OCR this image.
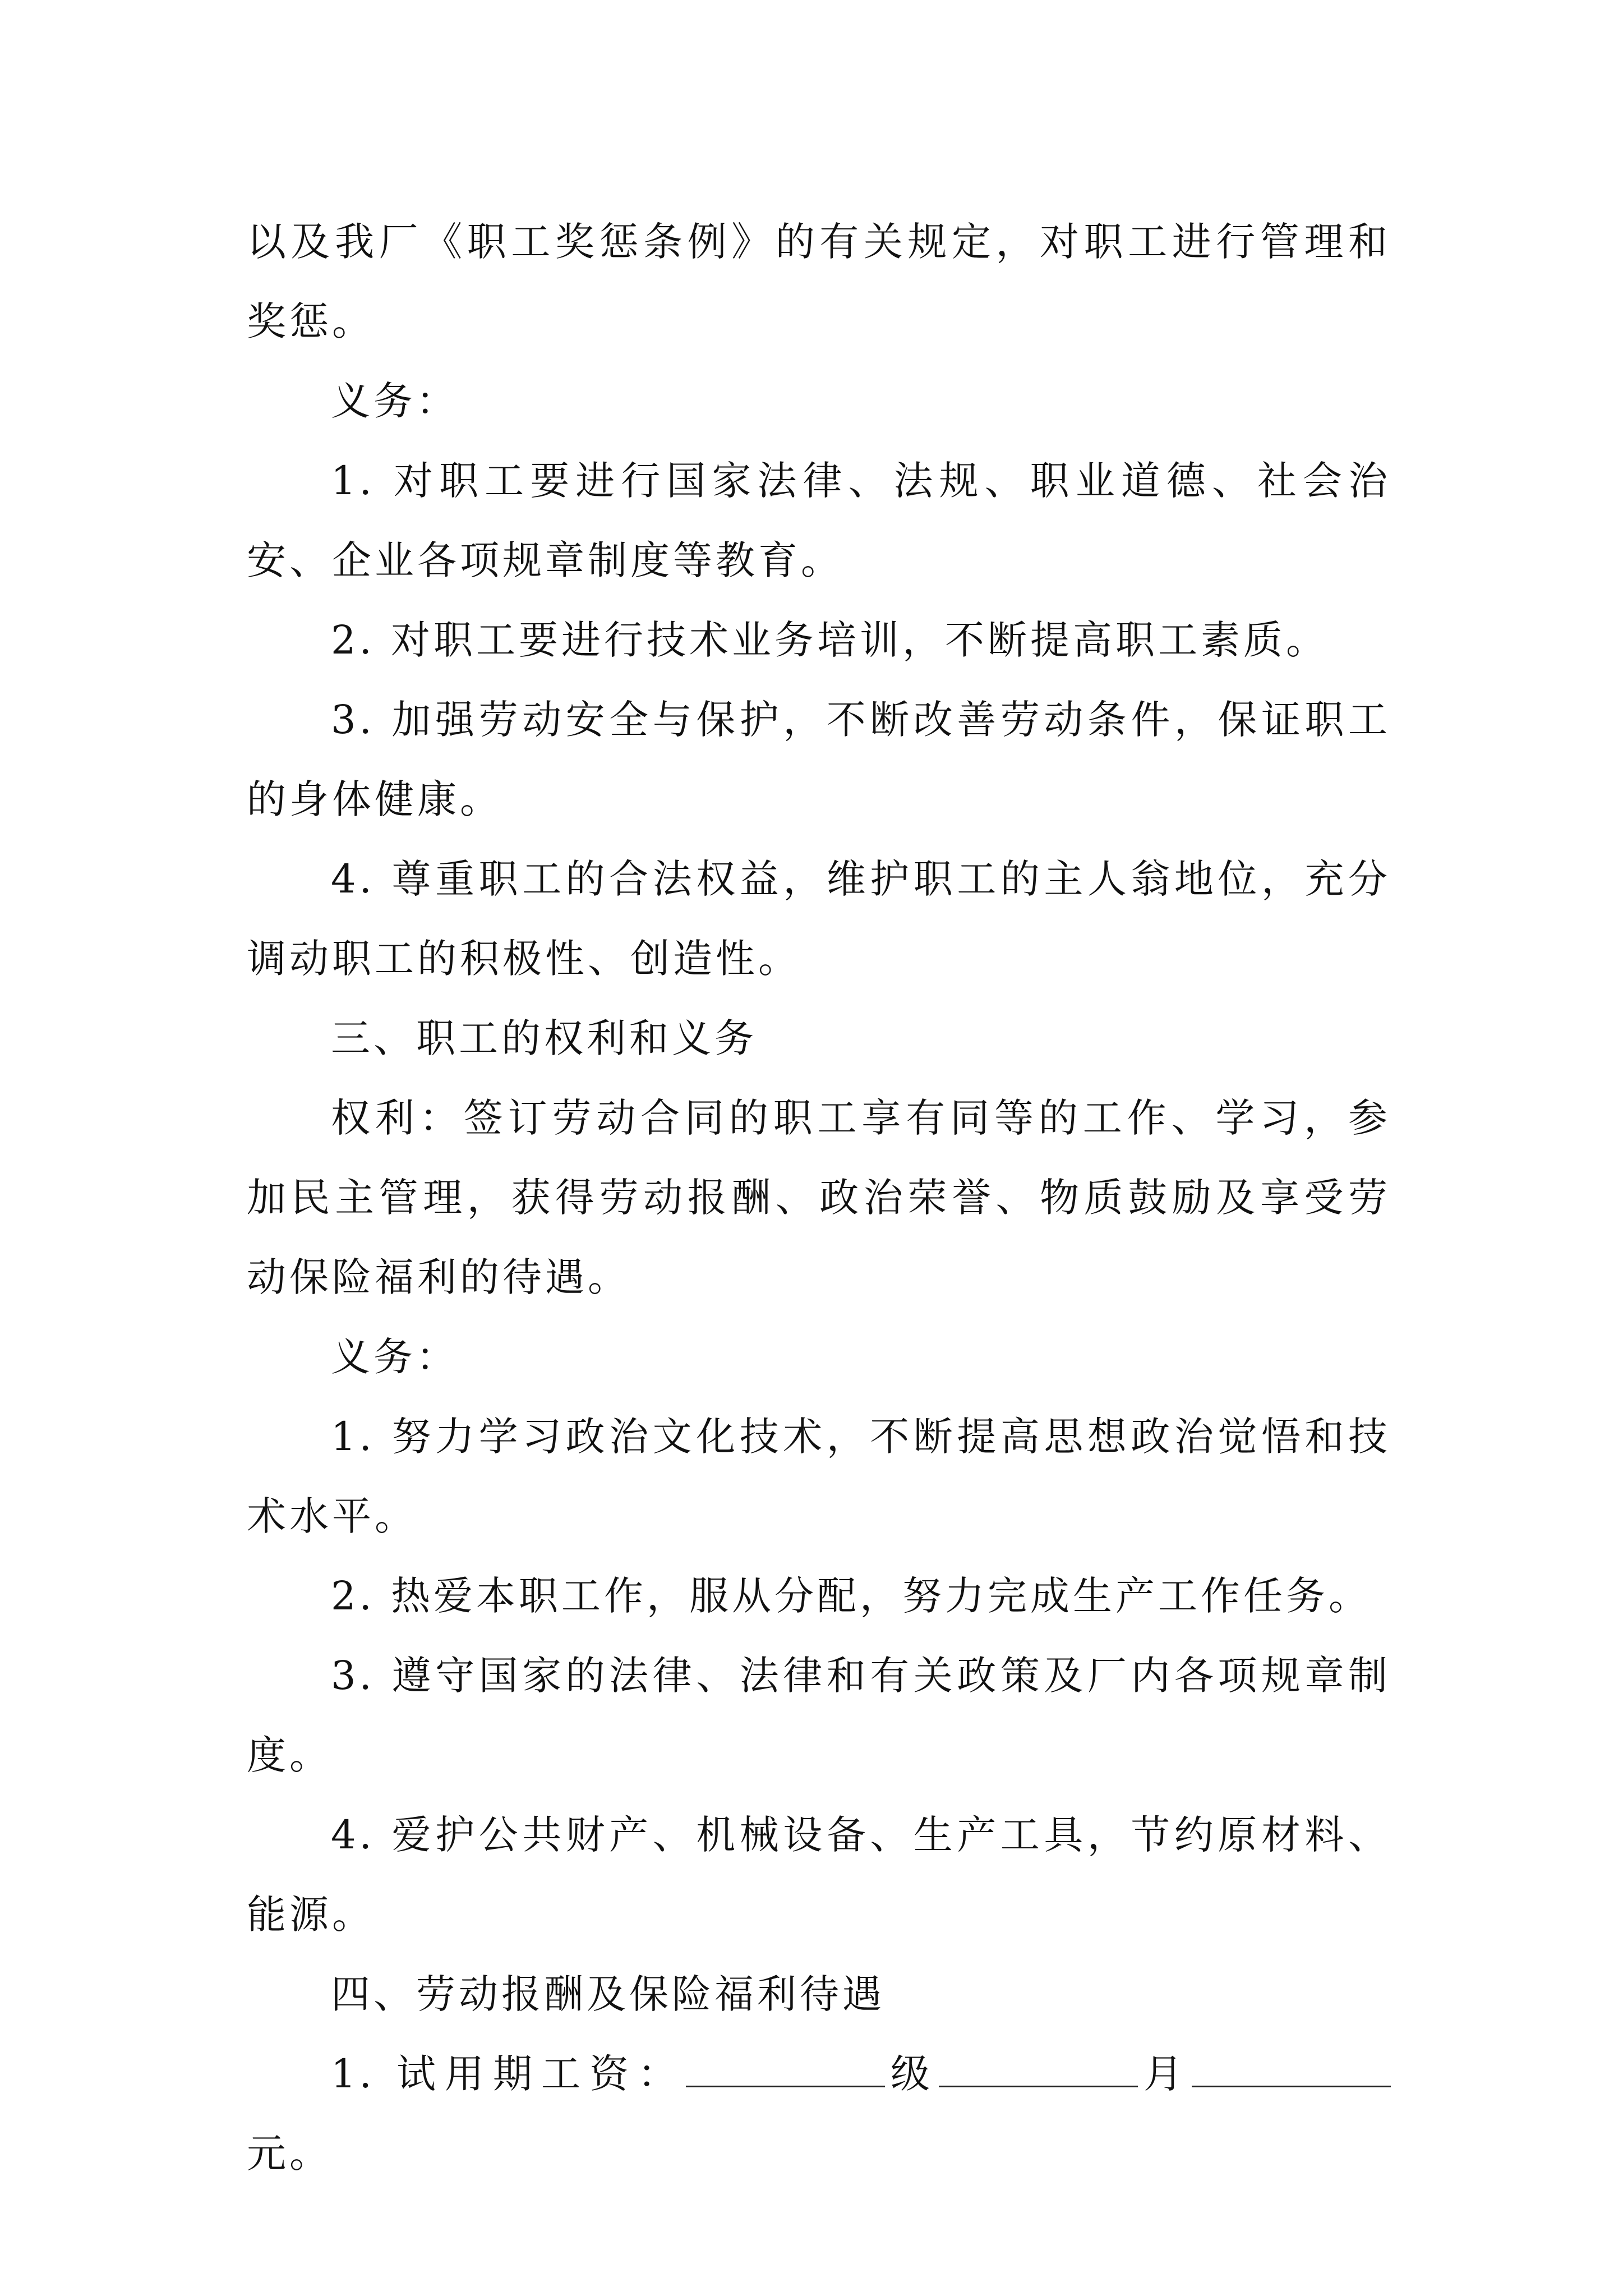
以及我厂《职工奖惩条例》的有关规定，对职工进行管理和奖惩。

义务：

1. 对职工要进行国家法律、法规、职业道德、社会治安、企业各项规章制度等教育。

2. 对职工要进行技术业务培训，不断提高职工素质。

3. 加强劳动安全与保护，不断改善劳动条件，保证职工的身体健康。

4. 尊重职工的合法权益，维护职工的主人翁地位，充分调动职工的积极性、创造性。

三、职工的权利和义务

权利：签订劳动合同的职工享有同等的工作、学习，参加民主管理，获得劳动报酬、政治荣誉、物质鼓励及享受劳动保险福利的待遇。

义务：

1. 努力学习政治文化技术，不断提高思想政治觉悟和技术水平。

2. 热爱本职工作，服从分配，努力完成生产工作任务。

3. 遵守国家的法律、法律和有关政策及厂内各项规章制度。

4. 爱护公共财产、机械设备、生产工具，节约原材料、能源。

四、劳动报酬及保险福利待遇

1. 试用期工资：	级	月元。
